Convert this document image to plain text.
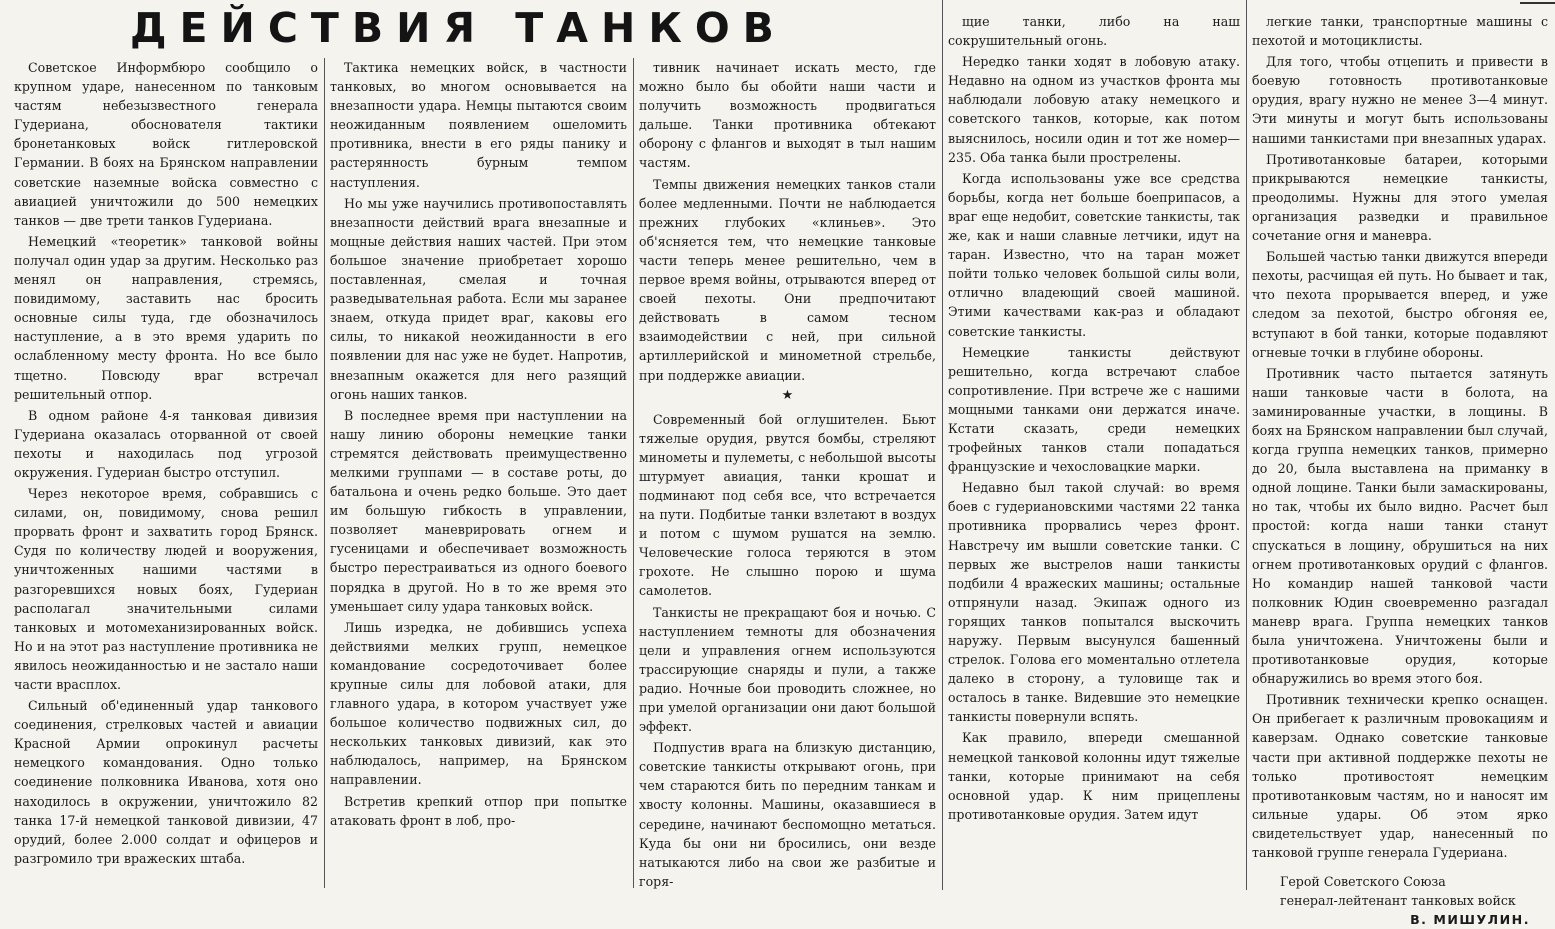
ДЕЙСТВИЯ ТАНКОВ

Советское Информбюро сообщило о крупном ударе, нанесенном по танковым частям небезызвестного генерала Гудериана, обоснователя тактики бронетанковых войск гитлеровской Германии. В боях на Брянском направлении советские наземные войска совместно с авиацией уничтожили до 500 немецких танков — две трети танков Гудериана.

Немецкий «теоретик» танковой войны получал один удар за другим. Несколько раз менял он направления, стремясь, повидимому, заставить нас бросить основные силы туда, где обозначилось наступление, а в это время ударить по ослабленному месту фронта. Но все было тщетно. Повсюду враг встречал решительный отпор.

В одном районе 4-я танковая дивизия Гудериана оказалась оторванной от своей пехоты и находилась под угрозой окружения. Гудериан быстро отступил.

Через некоторое время, собравшись с силами, он, повидимому, снова решил прорвать фронт и захватить город Брянск. Судя по количеству людей и вооружения, уничтоженных нашими частями в разгоревшихся новых боях, Гудериан располагал значительными силами танковых и мотомеханизированных войск. Но и на этот раз наступление противника не явилось неожиданностью и не застало наши части врасплох.

Сильный об'единенный удар танкового соединения, стрелковых частей и авиации Красной Армии опрокинул расчеты немецкого командования. Одно только соединение полковника Иванова, хотя оно находилось в окружении, уничтожило 82 танка 17-й немецкой танковой дивизии, 47 орудий, более 2.000 солдат и офицеров и разгромило три вражеских штаба.

Тактика немецких войск, в частности танковых, во многом основывается на внезапности удара. Немцы пытаются своим неожиданным появлением ошеломить противника, внести в его ряды панику и растерянность бурным темпом наступления.

Но мы уже научились противопоставлять внезапности действий врага внезапные и мощные действия наших частей. При этом большое значение приобретает хорошо поставленная, смелая и точная разведывательная работа. Если мы заранее знаем, откуда придет враг, каковы его силы, то никакой неожиданности в его появлении для нас уже не будет. Напротив, внезапным окажется для него разящий огонь наших танков.

В последнее время при наступлении на нашу линию обороны немецкие танки стремятся действовать преимущественно мелкими группами — в составе роты, до батальона и очень редко больше. Это дает им большую гибкость в управлении, позволяет маневрировать огнем и гусеницами и обеспечивает возможность быстро перестраиваться из одного боевого порядка в другой. Но в то же время это уменьшает силу удара танковых войск.

Лишь изредка, не добившись успеха действиями мелких групп, немецкое командование сосредоточивает более крупные силы для лобовой атаки, для главного удара, в котором участвует уже большое количество подвижных сил, до нескольких танковых дивизий, как это наблюдалось, например, на Брянском направлении.

Встретив крепкий отпор при попытке атаковать фронт в лоб, про-

тивник начинает искать место, где можно было бы обойти наши части и получить возможность продвигаться дальше. Танки противника обтекают оборону с флангов и выходят в тыл нашим частям.

Темпы движения немецких танков стали более медленными. Почти не наблюдается прежних глубоких «клиньев». Это об'ясняется тем, что немецкие танковые части теперь менее решительно, чем в первое время войны, отрываются вперед от своей пехоты. Они предпочитают действовать в самом тесном взаимодействии с ней, при сильной артиллерийской и минометной стрельбе, при поддержке авиации.

★

Современный бой оглушителен. Бьют тяжелые орудия, рвутся бомбы, стреляют минометы и пулеметы, с небольшой высоты штурмует авиация, танки крошат и подминают под себя все, что встречается на пути. Подбитые танки взлетают в воздух и потом с шумом рушатся на землю. Человеческие голоса теряются в этом грохоте. Не слышно порою и шума самолетов.

Танкисты не прекращают боя и ночью. С наступлением темноты для обозначения цели и управления огнем используются трассирующие снаряды и пули, а также радио. Ночные бои проводить сложнее, но при умелой организации они дают большой эффект.

Подпустив врага на близкую дистанцию, советские танкисты открывают огонь, при чем стараются бить по передним танкам и хвосту колонны. Машины, оказавшиеся в середине, начинают беспомощно метаться. Куда бы они ни бросились, они везде натыкаются либо на свои же разбитые и горя-

щие танки, либо на наш сокрушительный огонь.

Нередко танки ходят в лобовую атаку. Недавно на одном из участков фронта мы наблюдали лобовую атаку немецкого и советского танков, которые, как потом выяснилось, носили один и тот же номер—235. Оба танка были прострелены.

Когда использованы уже все средства борьбы, когда нет больше боеприпасов, а враг еще недобит, советские танкисты, так же, как и наши славные летчики, идут на таран. Известно, что на таран может пойти только человек большой силы воли, отлично владеющий своей машиной. Этими качествами как-раз и обладают советские танкисты.

Немецкие танкисты действуют решительно, когда встречают слабое сопротивление. При встрече же с нашими мощными танками они держатся иначе. Кстати сказать, среди немецких трофейных танков стали попадаться французские и чехословацкие марки.

Недавно был такой случай: во время боев с гудериановскими частями 22 танка противника прорвались через фронт. Навстречу им вышли советские танки. С первых же выстрелов наши танкисты подбили 4 вражеских машины; остальные отпрянули назад. Экипаж одного из горящих танков попытался выскочить наружу. Первым высунулся башенный стрелок. Голова его моментально отлетела далеко в сторону, а туловище так и осталось в танке. Видевшие это немецкие танкисты повернули вспять.

Как правило, впереди смешанной немецкой танковой колонны идут тяжелые танки, которые принимают на себя основной удар. К ним прицеплены противотанковые орудия. Затем идут

легкие танки, транспортные машины с пехотой и мотоциклисты.

Для того, чтобы отцепить и привести в боевую готовность противотанковые орудия, врагу нужно не менее 3—4 минут. Эти минуты и могут быть использованы нашими танкистами при внезапных ударах.

Противотанковые батареи, которыми прикрываются немецкие танкисты, преодолимы. Нужны для этого умелая организация разведки и правильное сочетание огня и маневра.

Большей частью танки движутся впереди пехоты, расчищая ей путь. Но бывает и так, что пехота прорывается вперед, и уже следом за пехотой, быстро обгоняя ее, вступают в бой танки, которые подавляют огневые точки в глубине обороны.

Противник часто пытается затянуть наши танковые части в болота, на заминированные участки, в лощины. В боях на Брянском направлении был случай, когда группа немецких танков, примерно до 20, была выставлена на приманку в одной лощине. Танки были замаскированы, но так, чтобы их было видно. Расчет был простой: когда наши танки станут спускаться в лощину, обрушиться на них огнем противотанковых орудий с флангов. Но командир нашей танковой части полковник Юдин своевременно разгадал маневр врага. Группа немецких танков была уничтожена. Уничтожены были и противотанковые орудия, которые обнаружились во время этого боя.

Противник технически крепко оснащен. Он прибегает к различным провокациям и каверзам. Однако советские танковые части при активной поддержке пехоты не только противостоят немецким противотанковым частям, но и наносят им сильные удары. Об этом ярко свидетельствует удар, нанесенный по танковой группе генерала Гудериана.

Герой Советского Союза
генерал-лейтенант танковых войск
В. МИШУЛИН.
